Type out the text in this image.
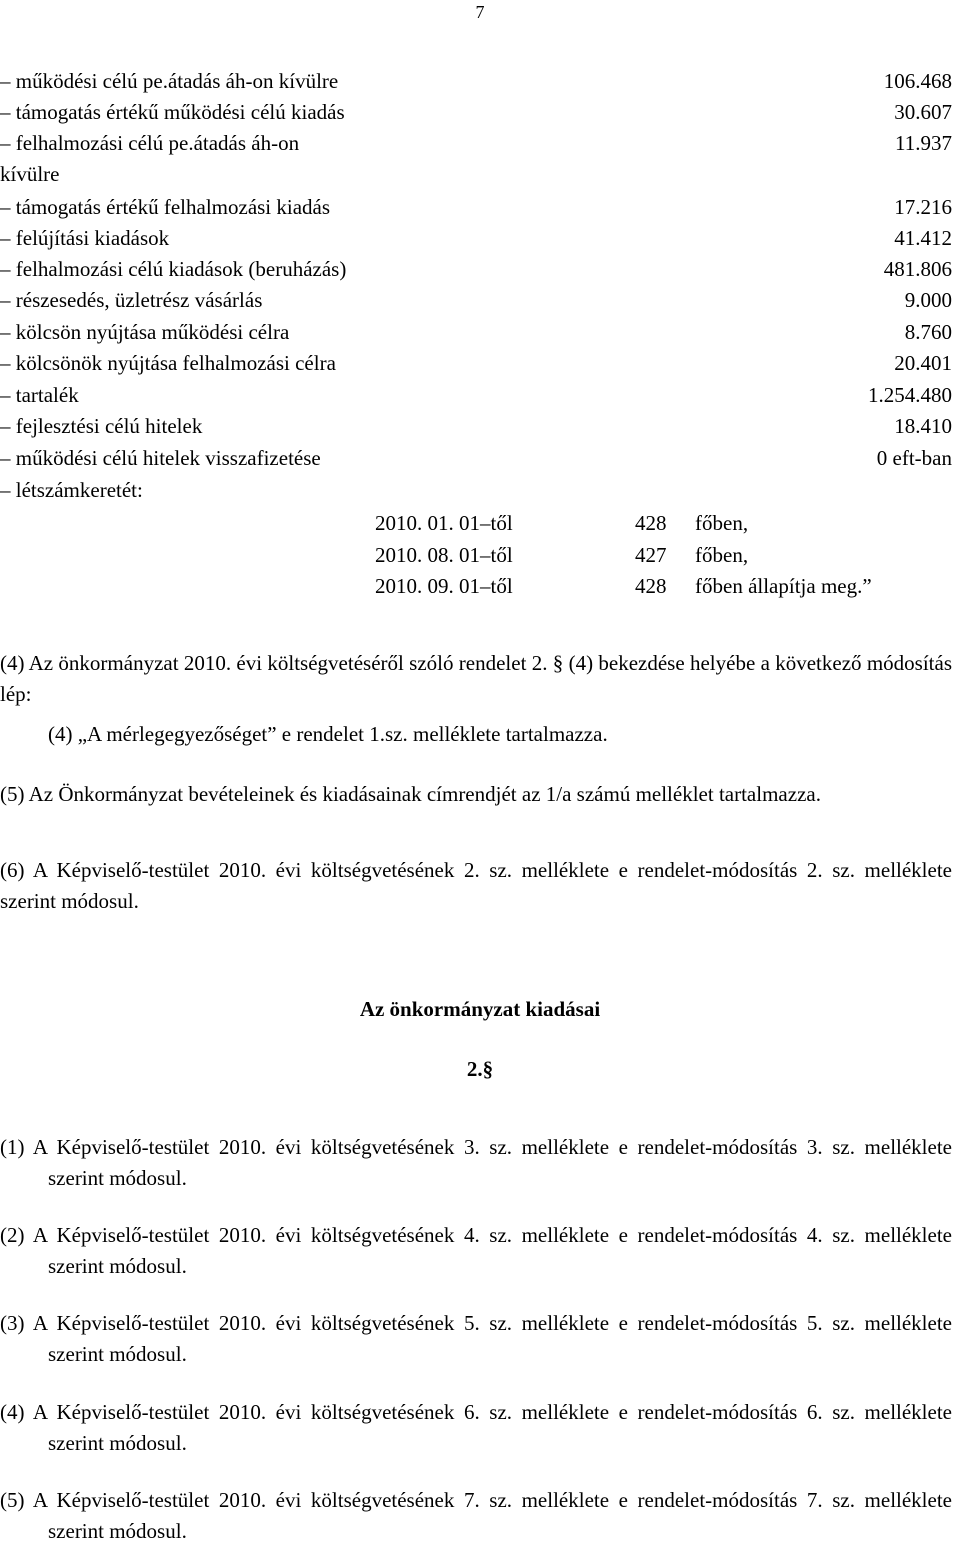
7
– működési célú pe.átadás áh-on kívülre	106.468
– támogatás értékű működési célú kiadás	30.607
– felhalmozási célú pe.átadás áh-on	11.937
kívülre
– támogatás értékű felhalmozási kiadás	17.216
– felújítási kiadások	41.412
– felhalmozási célú kiadások (beruházás)	481.806
– részesedés, üzletrész vásárlás	9.000
– kölcsön nyújtása működési célra	8.760
– kölcsönök nyújtása felhalmozási célra	20.401
– tartalék	1.254.480
– fejlesztési célú hitelek	18.410
– működési célú hitelek visszafizetése	0 eft-ban
– létszámkeretét:
2010. 01. 01–től	428 főben,
2010. 08. 01–től	427 főben,
2010. 09. 01–től	428 főben állapítja meg.”
(4) Az önkormányzat 2010. évi költségvetéséről szóló rendelet 2. § (4) bekezdése helyébe a következő módosítás lép:
(4) „A mérlegegyezőséget” e rendelet 1.sz. melléklete tartalmazza.
(5) Az Önkormányzat bevételeinek és kiadásainak címrendjét az 1/a számú melléklet tartalmazza.
(6) A Képviselő-testület 2010. évi költségvetésének 2. sz. melléklete e rendelet-módosítás 2. sz. melléklete szerint módosul.
Az önkormányzat kiadásai
2.§
(1) A Képviselő-testület 2010. évi költségvetésének 3. sz. melléklete e rendelet-módosítás 3. sz. melléklete szerint módosul.
(2) A Képviselő-testület 2010. évi költségvetésének 4. sz. melléklete e rendelet-módosítás 4. sz. melléklete szerint módosul.
(3) A Képviselő-testület 2010. évi költségvetésének 5. sz. melléklete e rendelet-módosítás 5. sz. melléklete szerint módosul.
(4) A Képviselő-testület 2010. évi költségvetésének 6. sz. melléklete e rendelet-módosítás 6. sz. melléklete szerint módosul.
(5) A Képviselő-testület 2010. évi költségvetésének 7. sz. melléklete e rendelet-módosítás 7. sz. melléklete szerint módosul.
